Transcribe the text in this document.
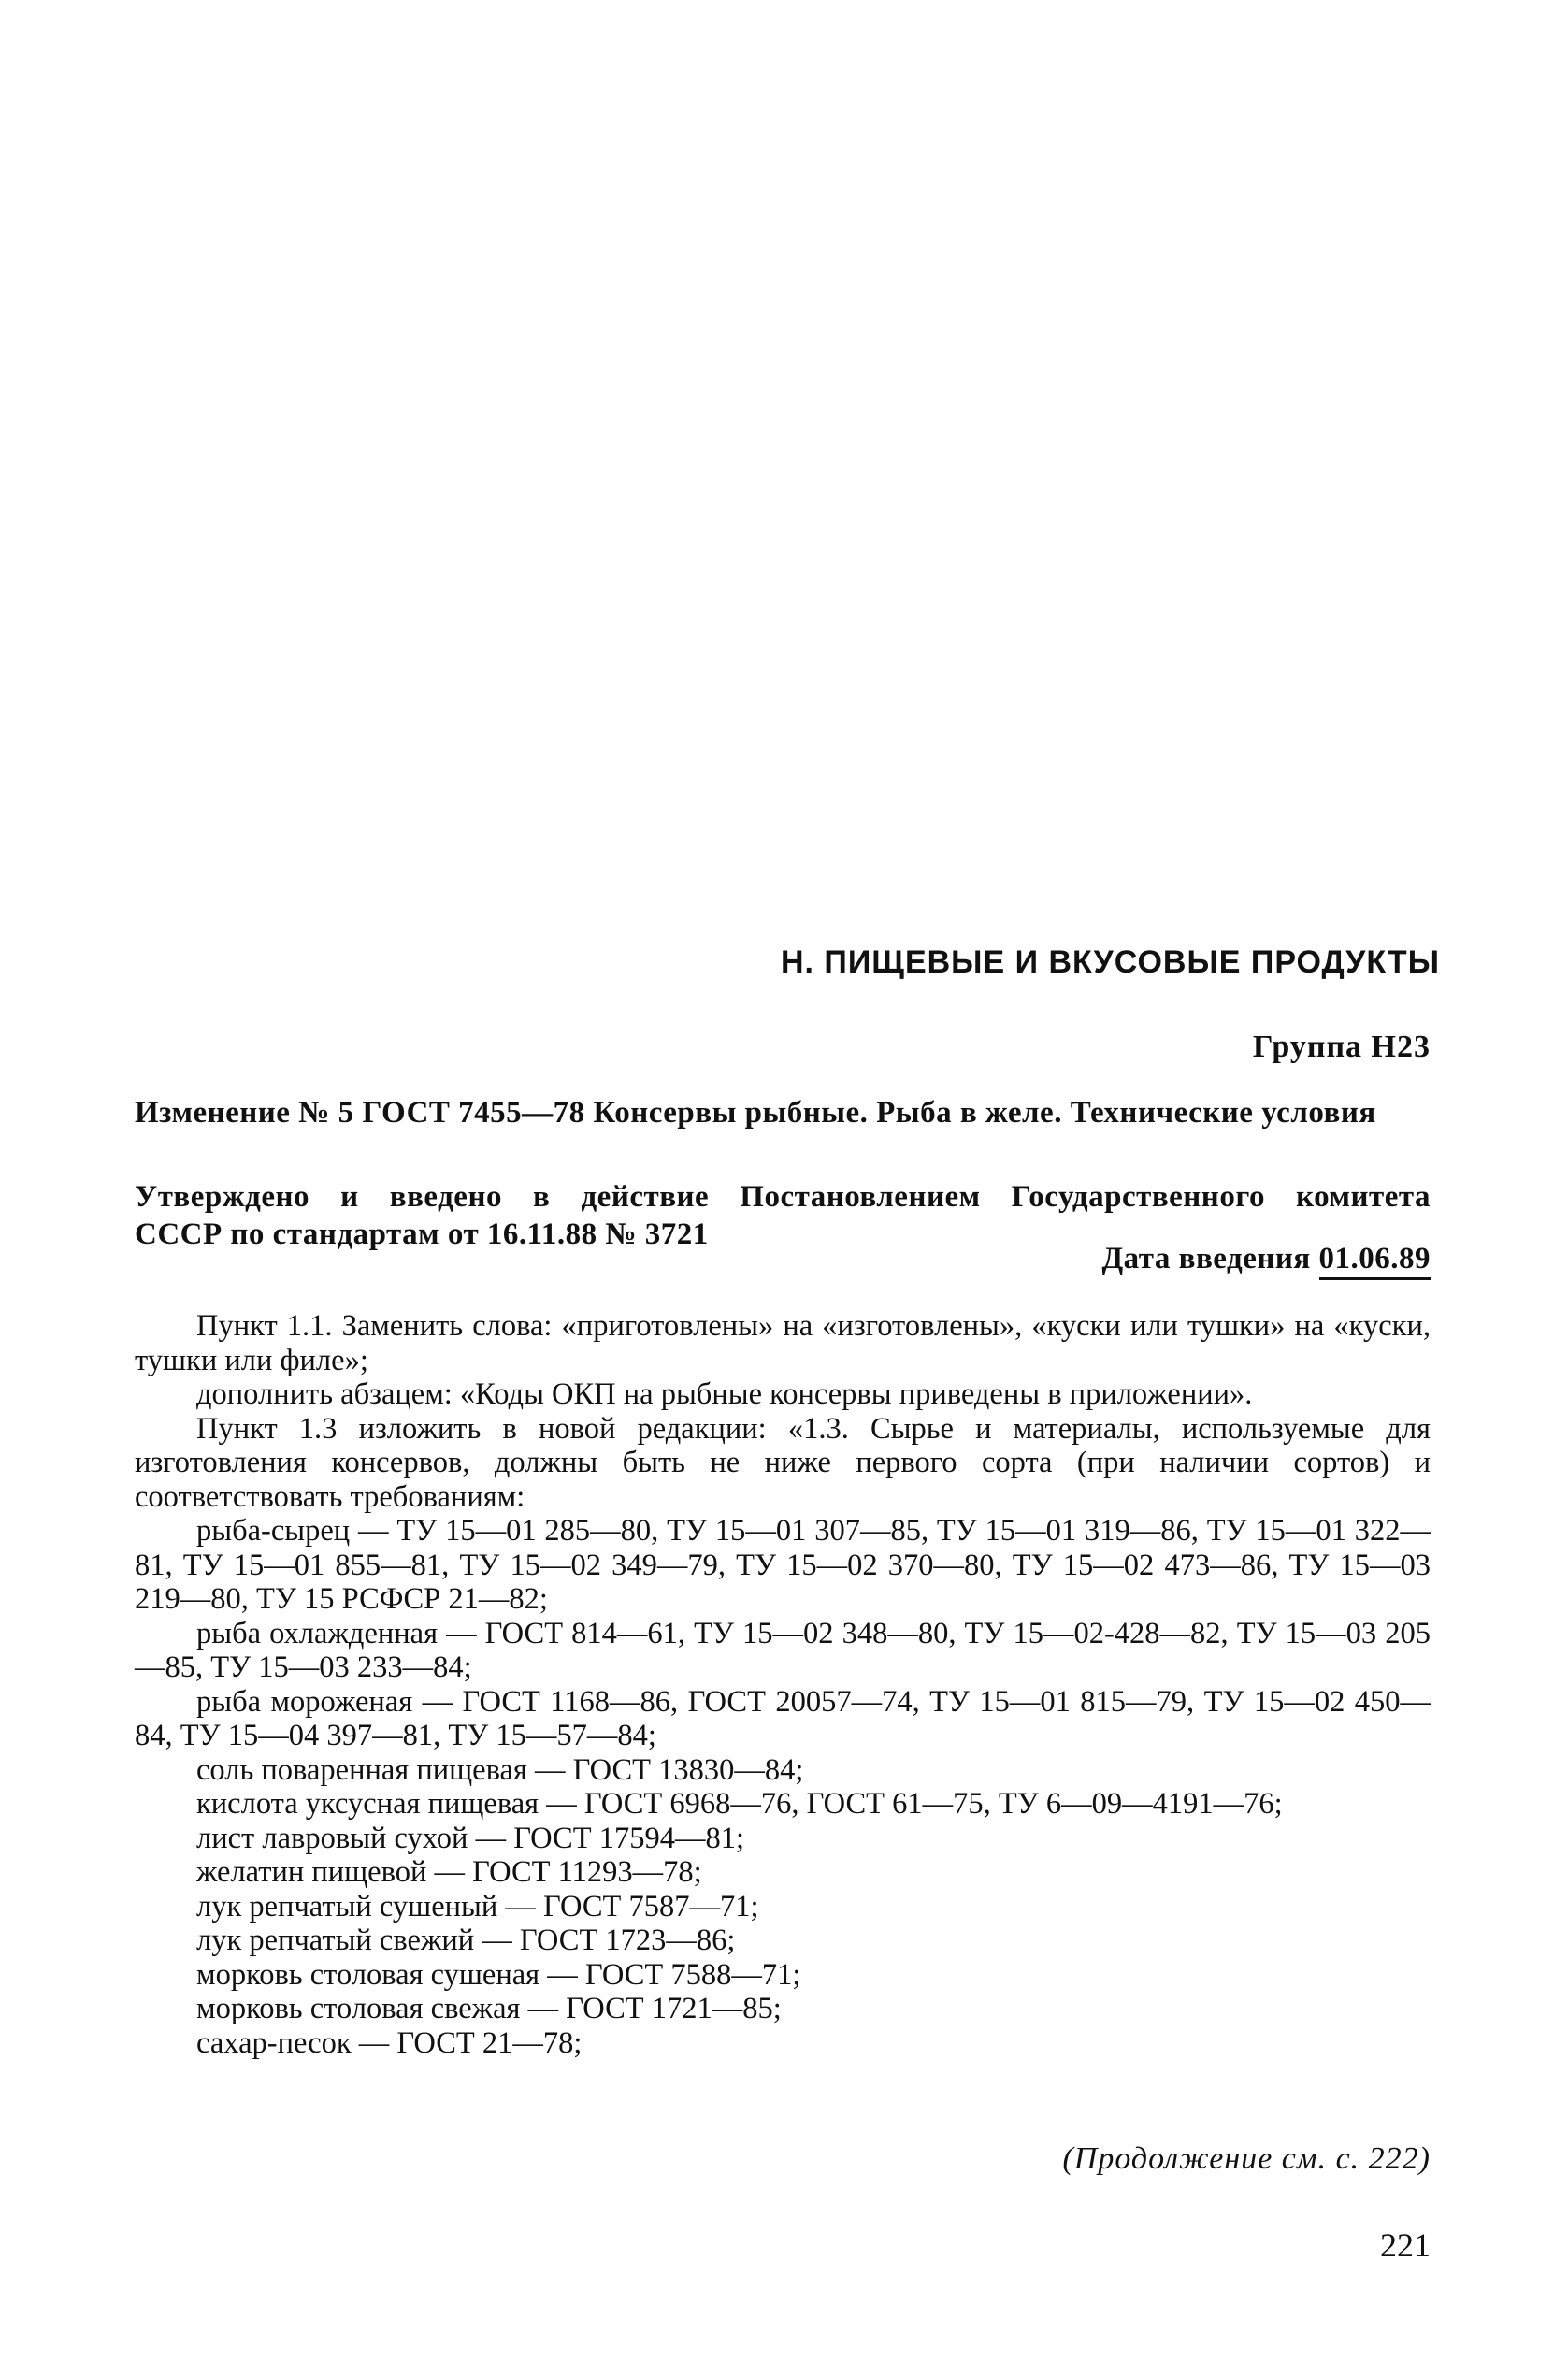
Н. ПИЩЕВЫЕ И ВКУСОВЫЕ ПРОДУКТЫ
Группа Н23
Изменение № 5 ГОСТ 7455—78 Консервы рыбные. Рыба в желе. Технические условия
Утверждено и введено в действие Постановлением Государственного комитета
СССР по стандартам от 16.11.88 № 3721
Дата введения 01.06.89

Пункт 1.1. Заменить слова: «приготовлены» на «изготовлены», «куски или тушки» на «куски, тушки или филе»;

дополнить абзацем: «Коды ОКП на рыбные консервы приведены в приложении».

Пункт 1.3 изложить в новой редакции: «1.3. Сырье и материалы, используемые для изготовления консервов, должны быть не ниже первого сорта (при наличии сортов) и соответствовать требованиям:

рыба-сырец — ТУ 15—01 285—80, ТУ 15—01 307—85, ТУ 15—01 319—86, ТУ 15—01 322—81, ТУ 15—01 855—81, ТУ 15—02 349—79, ТУ 15—02 370—80, ТУ 15—02 473—86, ТУ 15—03 219—80, ТУ 15 РСФСР 21—82;

рыба охлажденная — ГОСТ 814—61, ТУ 15—02 348—80, ТУ 15—02-428—82, ТУ 15—03 205—85, ТУ 15—03 233—84;

рыба мороженая — ГОСТ 1168—86, ГОСТ 20057—74, ТУ 15—01 815—79, ТУ 15—02 450—84, ТУ 15—04 397—81, ТУ 15—57—84;

соль поваренная пищевая — ГОСТ 13830—84;

кислота уксусная пищевая — ГОСТ 6968—76, ГОСТ 61—75, ТУ 6—09—4191—76;

лист лавровый сухой — ГОСТ 17594—81;

желатин пищевой — ГОСТ 11293—78;

лук репчатый сушеный — ГОСТ 7587—71;

лук репчатый свежий — ГОСТ 1723—86;

морковь столовая сушеная — ГОСТ 7588—71;

морковь столовая свежая — ГОСТ 1721—85;

сахар-песок — ГОСТ 21—78;

(Продолжение см. с. 222)
221
